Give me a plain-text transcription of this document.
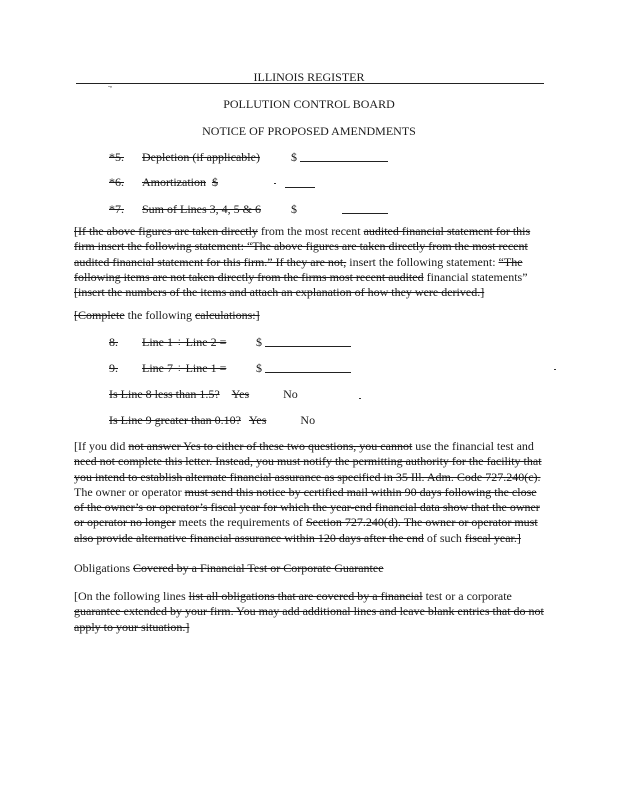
.,
ILLINOIS REGISTER
POLLUTION CONTROL BOARD
NOTICE OF PROPOSED AMENDMENTS
*5. Depletion (if applicable)	$
*6. Amortization $
*7. Sum of Lines 3, 4, 5 & 6	$
[If the above figures are taken directly from the most recent audited financial statement for this firm insert the following statement: “The above figures are taken directly from the most recent audited financial statement for this firm.” If they are not, insert the following statement: “The following items are not taken directly from the firms most recent audited financial statements” [insert the numbers of the items and attach an explanation of how they were derived.]
[Complete the following calculations:]
8. Line 1 ÷ Line 2 = $
9. Line 7 ÷ Line 1 = $
Is Line 8 less than 1.5? Yes	No
Is Line 9 greater than 0.10? Yes	No
[If you did not answer Yes to either of these two questions, you cannot use the financial test and need not complete this letter. Instead, you must notify the permitting authority for the facility that you intend to establish alternate financial assurance as specified in 35 Ill. Adm. Code 727.240(c). The owner or operator must send this notice by certified mail within 90 days following the close of the owner’s or operator’s fiscal year for which the year-end financial data show that the owner or operator no longer meets the requirements of Section 727.240(d). The owner or operator must also provide alternative financial assurance within 120 days after the end of such fiscal year.]
Obligations Covered by a Financial Test or Corporate Guarantee
[On the following lines list all obligations that are covered by a financial test or a corporate guarantee extended by your firm. You may add additional lines and leave blank entries that do not apply to your situation.]
